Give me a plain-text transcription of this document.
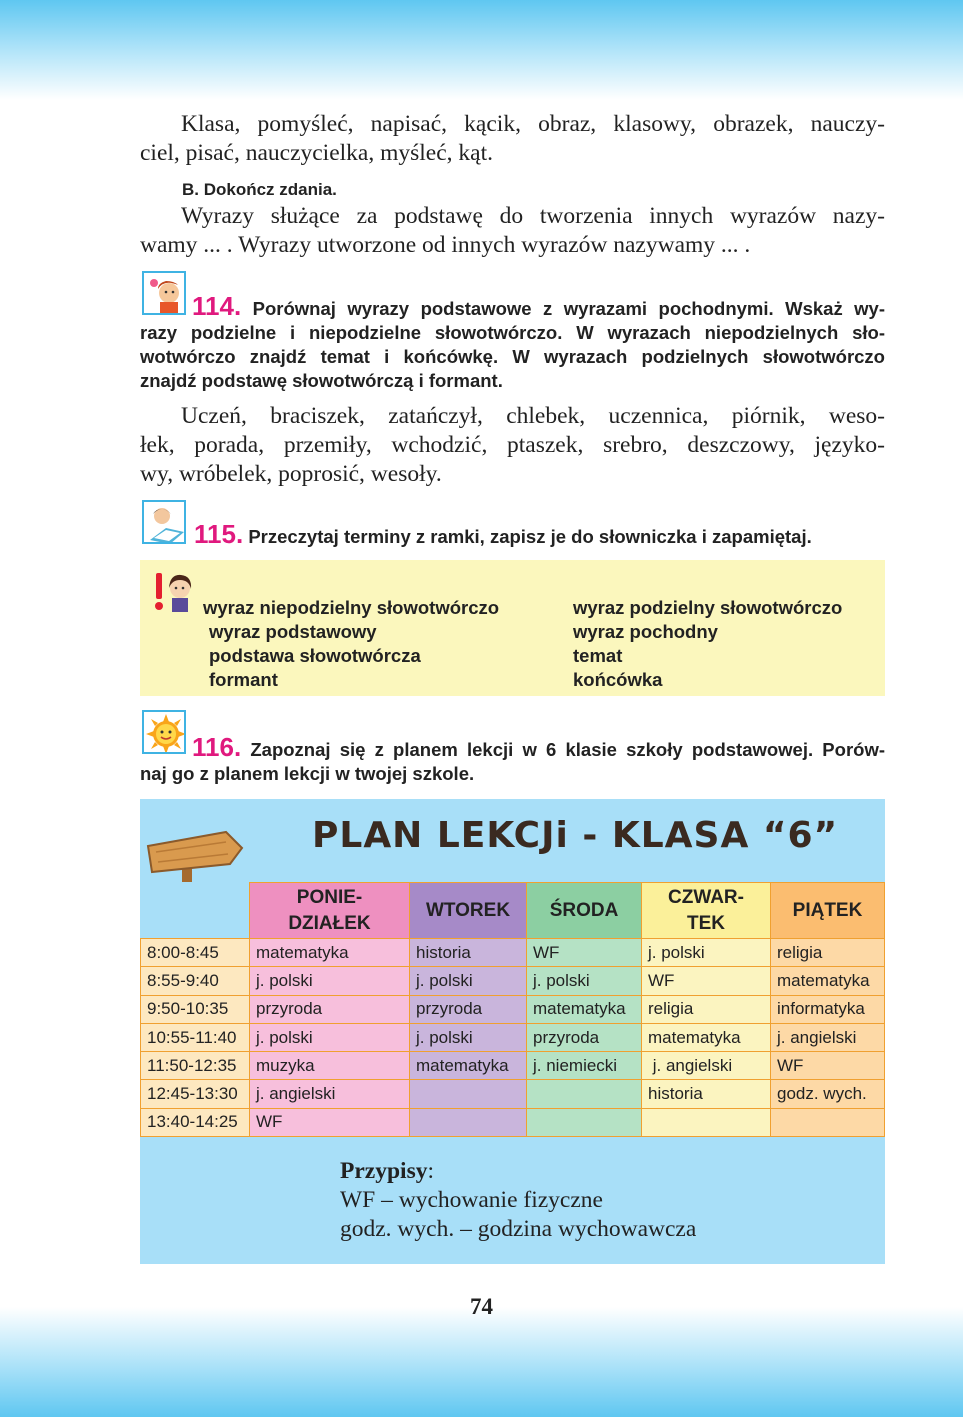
Klasa, pomyśleć, napisać, kącik, obraz, klasowy, obrazek, nauczy-
ciel, pisać, nauczycielka, myśleć, kąt.
B. Dokończ zdania.
Wyrazy służące za podstawę do tworzenia innych wyrazów nazy-
wamy ... . Wyrazy utworzone od innych wyrazów nazywamy ... .
114. Porównaj wyrazy podstawowe z wyrazami pochodnymi. Wskaż wy-
razy podzielne i niepodzielne słowotwórczo. W wyrazach niepodzielnych sło-
wotwórczo znajdź temat i końcówkę. W wyrazach podzielnych słowotwórczo
znajdź podstawę słowotwórczą i formant.
Uczeń, braciszek, zatańczył, chlebek, uczennica, piórnik, weso-
łek, porada, przemiły, wchodzić, ptaszek, srebro, deszczowy, języko-
wy, wróbelek, poprosić, wesoły.
115. Przeczytaj terminy z ramki, zapisz je do słowniczka i zapamiętaj.
wyraz niepodzielny słowotwórczo
wyraz podstawowy
podstawa słowotwórcza
formant
wyraz podzielny słowotwórczo
wyraz pochodny
temat
końcówka
116. Zapoznaj się z planem lekcji w 6 klasie szkoły podstawowej. Porów-
naj go z planem lekcji w twojej szkole.
PLAN LEKCJi - KLASA “6”
	PONIE-
DZIAŁEK	WTOREK	ŚRODA	CZWAR-
TEK	PIĄTEK
8:00-8:45	matematyka	historia	WF	j. polski	religia
8:55-9:40	j. polski	j. polski	j. polski	WF	matematyka
9:50-10:35	przyroda	przyroda	matematyka	religia	informatyka
10:55-11:40	j. polski	j. polski	przyroda	matematyka	j. angielski
11:50-12:35	muzyka	matematyka	j. niemiecki	j. angielski	WF
12:45-13:30	j. angielski			historia	godz. wych.
13:40-14:25	WF				
Przypisy:
WF – wychowanie fizyczne
godz. wych. – godzina wychowawcza
74
